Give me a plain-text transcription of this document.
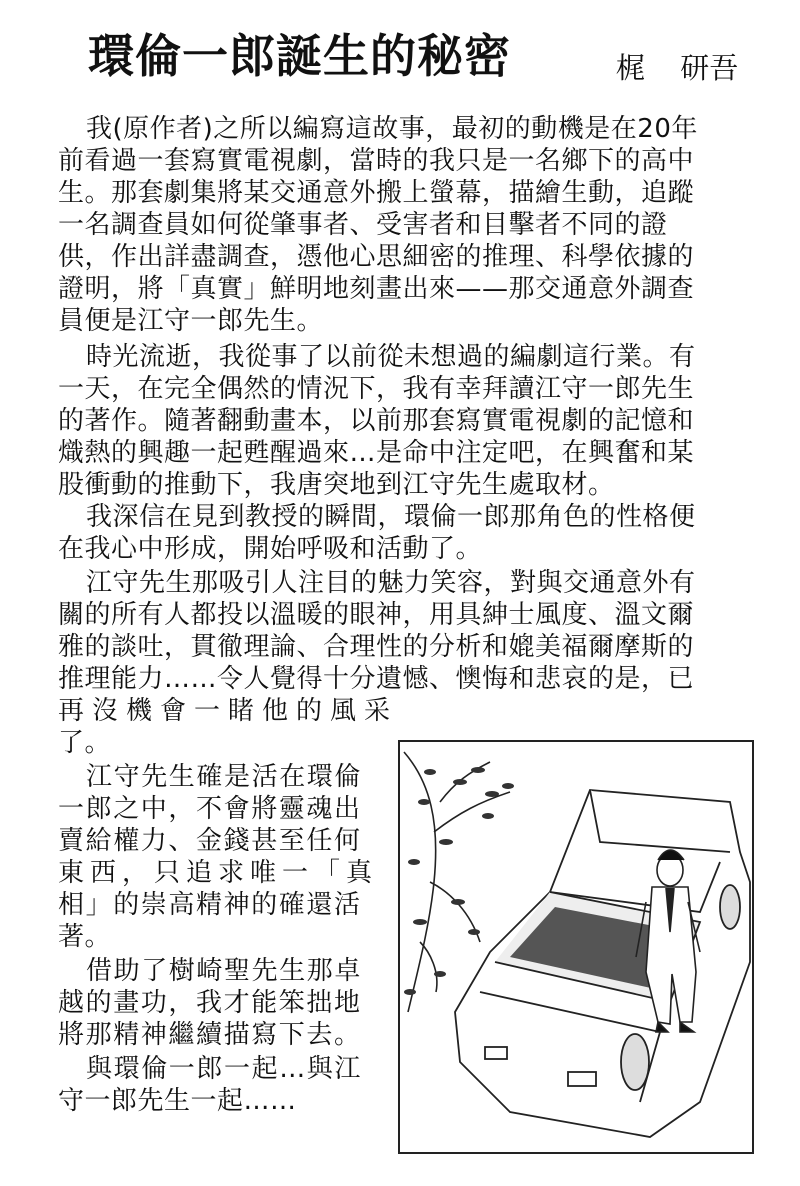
環倫一郎誕生的秘密	梶 研吾
我(原作者)之所以編寫這故事，最初的動機是在20年
前看過一套寫實電視劇，當時的我只是一名鄉下的高中
生。那套劇集將某交通意外搬上螢幕，描繪生動，追蹤
一名調查員如何從肇事者、受害者和目擊者不同的證
供，作出詳盡調查，憑他心思細密的推理、科學依據的
證明，將「真實」鮮明地刻畫出來——那交通意外調查
員便是江守一郎先生。
時光流逝，我從事了以前從未想過的編劇這行業。有
一天，在完全偶然的情況下，我有幸拜讀江守一郎先生
的著作。隨著翻動畫本，以前那套寫實電視劇的記憶和
熾熱的興趣一起甦醒過來…是命中注定吧，在興奮和某
股衝動的推動下，我唐突地到江守先生處取材。
我深信在見到教授的瞬間，環倫一郎那角色的性格便
在我心中形成，開始呼吸和活動了。
江守先生那吸引人注目的魅力笑容，對與交通意外有
關的所有人都投以溫暖的眼神，用具紳士風度、溫文爾
雅的談吐，貫徹理論、合理性的分析和媲美福爾摩斯的
推理能力……令人覺得十分遺憾、懊悔和悲哀的是，已
再沒機會一睹他的風采
了。
江守先生確是活在環倫
一郎之中，不會將靈魂出
賣給權力、金錢甚至任何
東西，只追求唯一「真
相」的崇高精神的確還活
著。
借助了樹崎聖先生那卓
越的畫功，我才能笨拙地
將那精神繼續描寫下去。
與環倫一郎一起…與江
守一郎先生一起……
